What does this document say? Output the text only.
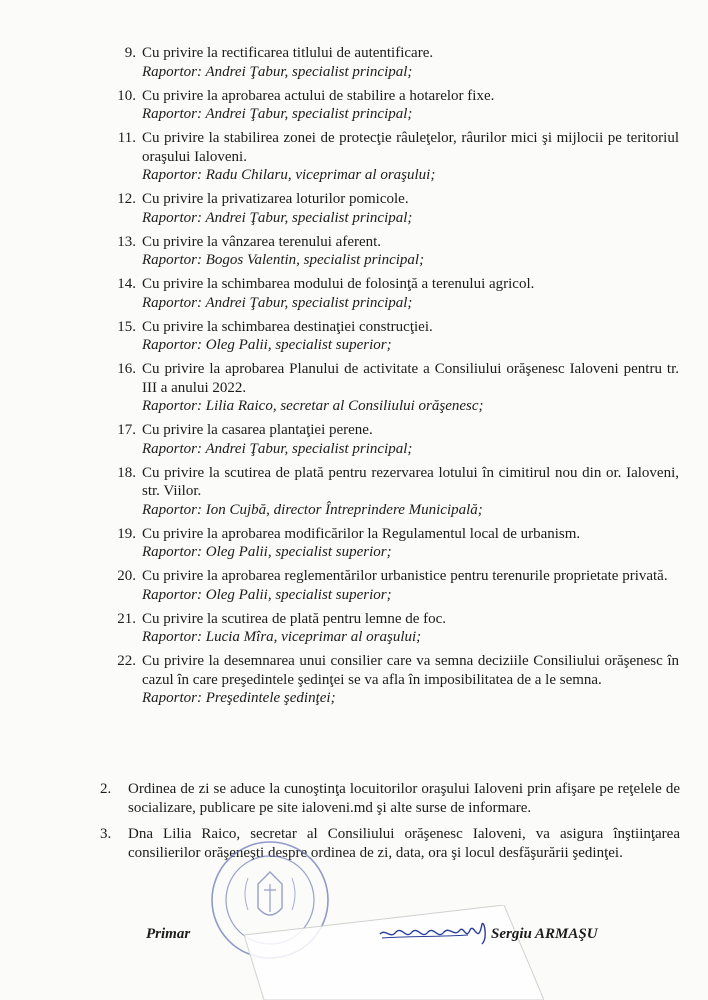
9. Cu privire la rectificarea titlului de autentificare.
Raportor: Andrei Ţabur, specialist principal;
10. Cu privire la aprobarea actului de stabilire a hotarelor fixe.
Raportor: Andrei Ţabur, specialist principal;
11. Cu privire la stabilirea zonei de protecţie râuleţelor, râurilor mici şi mijlocii pe teritoriul oraşului Ialoveni.
Raportor: Radu Chilaru, viceprimar al oraşului;
12. Cu privire la privatizarea loturilor pomicole.
Raportor: Andrei Ţabur, specialist principal;
13. Cu privire la vânzarea terenului aferent.
Raportor: Bogos Valentin, specialist principal;
14. Cu privire la schimbarea modului de folosinţă a terenului agricol.
Raportor: Andrei Ţabur, specialist principal;
15. Cu privire la schimbarea destinaţiei construcţiei.
Raportor: Oleg Palii, specialist superior;
16. Cu privire la aprobarea Planului de activitate a Consiliului orăşenesc Ialoveni pentru tr. III a anului 2022.
Raportor: Lilia Raico, secretar al Consiliului orăşenesc;
17. Cu privire la casarea plantaţiei perene.
Raportor: Andrei Ţabur, specialist principal;
18. Cu privire la scutirea de plată pentru rezervarea lotului în cimitirul nou din or. Ialoveni, str. Viilor.
Raportor: Ion Cujbă, director Întreprindere Municipală;
19. Cu privire la aprobarea modificărilor la Regulamentul local de urbanism.
Raportor: Oleg Palii, specialist superior;
20. Cu privire la aprobarea reglementărilor urbanistice pentru terenurile proprietate privată.
Raportor: Oleg Palii, specialist superior;
21. Cu privire la scutirea de plată pentru lemne de foc.
Raportor: Lucia Mîra, viceprimar al oraşului;
22. Cu privire la desemnarea unui consilier care va semna deciziile Consiliului orăşenesc în cazul în care preşedintele şedinţei se va afla în imposibilitatea de a le semna.
Raportor: Preşedintele şedinţei;
2.	Ordinea de zi se aduce la cunoştinţa locuitorilor oraşului Ialoveni prin afişare pe reţelele de socializare, publicare pe site ialoveni.md şi alte surse de informare.
3.	Dna Lilia Raico, secretar al Consiliului orăşenesc Ialoveni, va asigura înştiinţarea consilierilor orăşeneşti despre ordinea de zi, data, ora şi locul desfăşurării şedinţei.
Primar	Sergiu ARMAŞU
